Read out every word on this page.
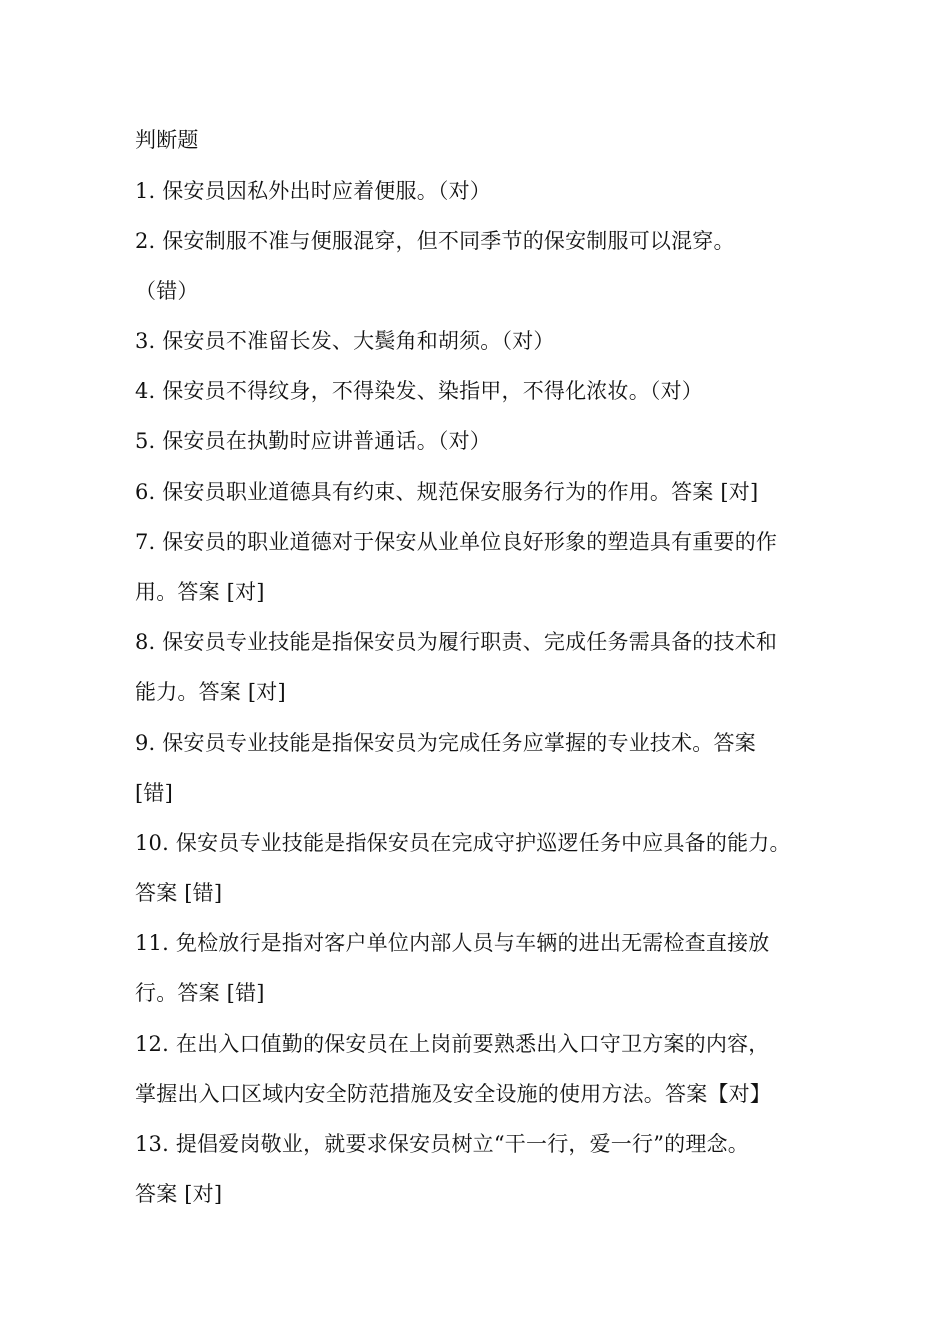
判断题
1. 保安员因私外出时应着便服。（对）
2. 保安制服不准与便服混穿，但不同季节的保安制服可以混穿。
（错）
3. 保安员不准留长发、大鬓角和胡须。（对）
4. 保安员不得纹身，不得染发、染指甲，不得化浓妆。（对）
5. 保安员在执勤时应讲普通话。（对）
6. 保安员职业道德具有约束、规范保安服务行为的作用。答案 [对]
7. 保安员的职业道德对于保安从业单位良好形象的塑造具有重要的作
用。答案 [对]
8. 保安员专业技能是指保安员为履行职责、完成任务需具备的技术和
能力。答案 [对]
9. 保安员专业技能是指保安员为完成任务应掌握的专业技术。答案
[错]
10. 保安员专业技能是指保安员在完成守护巡逻任务中应具备的能力。
答案 [错]
11. 免检放行是指对客户单位内部人员与车辆的进出无需检查直接放
行。答案 [错]
12. 在出入口值勤的保安员在上岗前要熟悉出入口守卫方案的内容，
掌握出入口区域内安全防范措施及安全设施的使用方法。答案【对】
13. 提倡爱岗敬业，就要求保安员树立“干一行，爱一行”的理念。
答案 [对]
